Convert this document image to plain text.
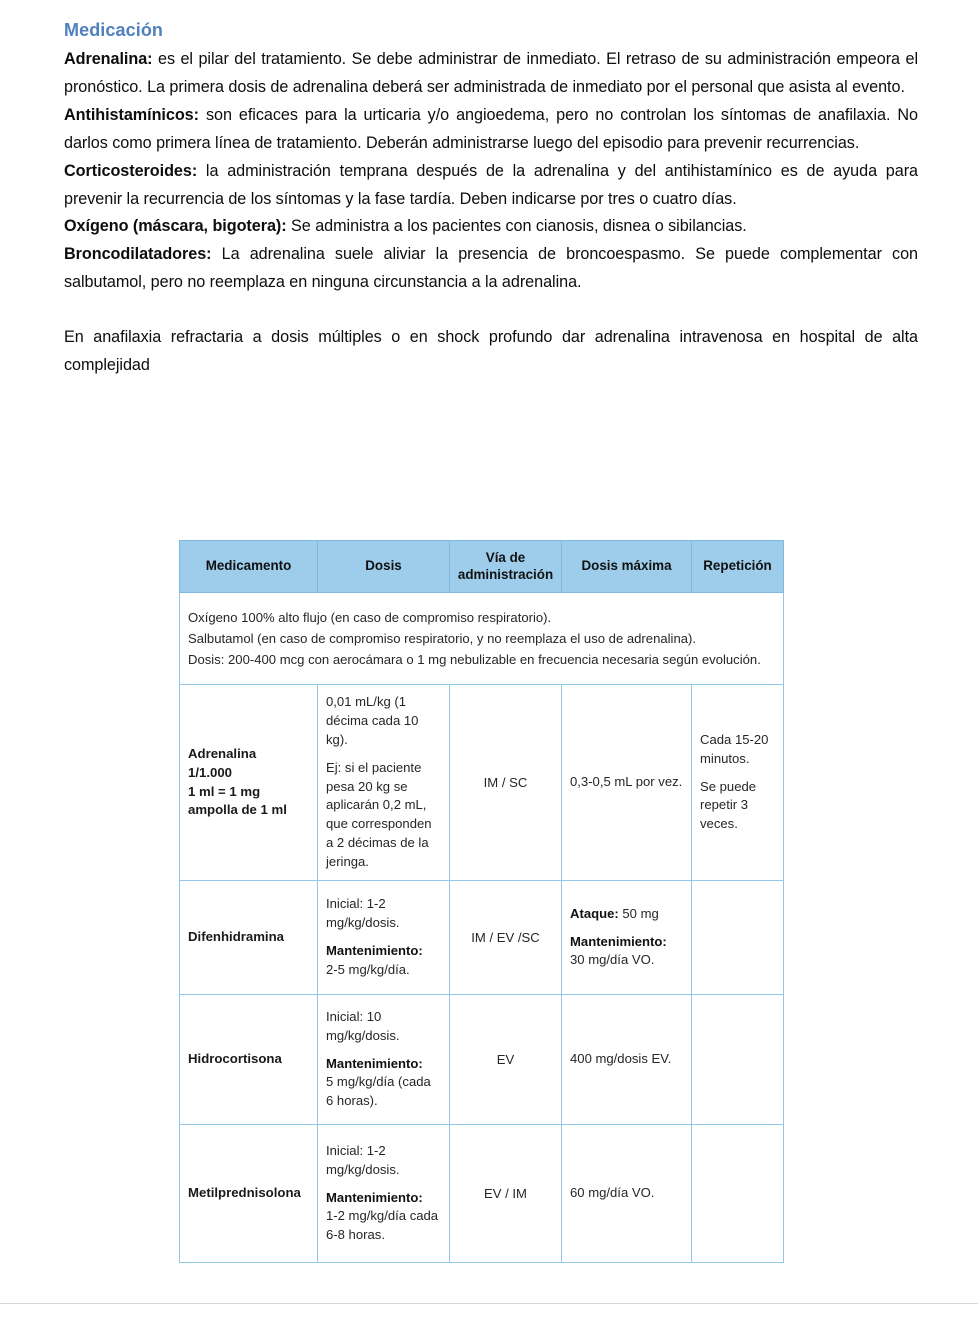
Medicación

Adrenalina: es el pilar del tratamiento. Se debe administrar de inmediato. El retraso de su administración empeora el pronóstico. La primera dosis de adrenalina deberá ser administrada de inmediato por el personal que asista al evento.

Antihistamínicos: son eficaces para la urticaria y/o angioedema, pero no controlan los síntomas de anafilaxia. No darlos como primera línea de tratamiento. Deberán administrarse luego del episodio para prevenir recurrencias.

Corticosteroides: la administración temprana después de la adrenalina y del antihistamínico es de ayuda para prevenir la recurrencia de los síntomas y la fase tardía. Deben indicarse por tres o cuatro días.

Oxígeno (máscara, bigotera): Se administra a los pacientes con cianosis, disnea o sibilancias.

Broncodilatadores: La adrenalina suele aliviar la presencia de broncoespasmo. Se puede complementar con salbutamol, pero no reemplaza en ninguna circunstancia a la adrenalina.

En anafilaxia refractaria a dosis múltiples o en shock profundo dar adrenalina intravenosa en hospital de alta complejidad

Medicamento	Dosis	Vía de
administración	Dosis máxima	Repetición

Oxígeno 100% alto flujo (en caso de compromiso respiratorio).
Salbutamol (en caso de compromiso respiratorio, y no reemplaza el uso de adrenalina).
Dosis: 200-400 mcg con aerocámara o 1 mg nebulizable en frecuencia necesaria según evolución.				

Adrenalina
1/1.000
1 ml = 1 mg
ampolla de 1 ml	0,01 mL/kg (1 décima cada 10 kg).
Ej: si el paciente pesa 20 kg se aplicarán 0,2 mL, que corresponden a 2 décimas de la jeringa.	IM / SC	0,3-0,5 mL por vez.	Cada 15-20 minutos.
Se puede repetir 3 veces.

Difenhidramina	Inicial: 1-2 mg/kg/dosis.
Mantenimiento:
2-5 mg/kg/día.	IM / EV /SC	Ataque: 50 mg
Mantenimiento:
30 mg/día VO.	

Hidrocortisona	Inicial: 10 mg/kg/dosis.
Mantenimiento:
5 mg/kg/día (cada 6 horas).	EV	400 mg/dosis EV.	
Metilprednisolona	Inicial: 1-2 mg/kg/dosis.
Mantenimiento:
1-2 mg/kg/día cada 6-8 horas.	EV / IM	60 mg/día VO.	
